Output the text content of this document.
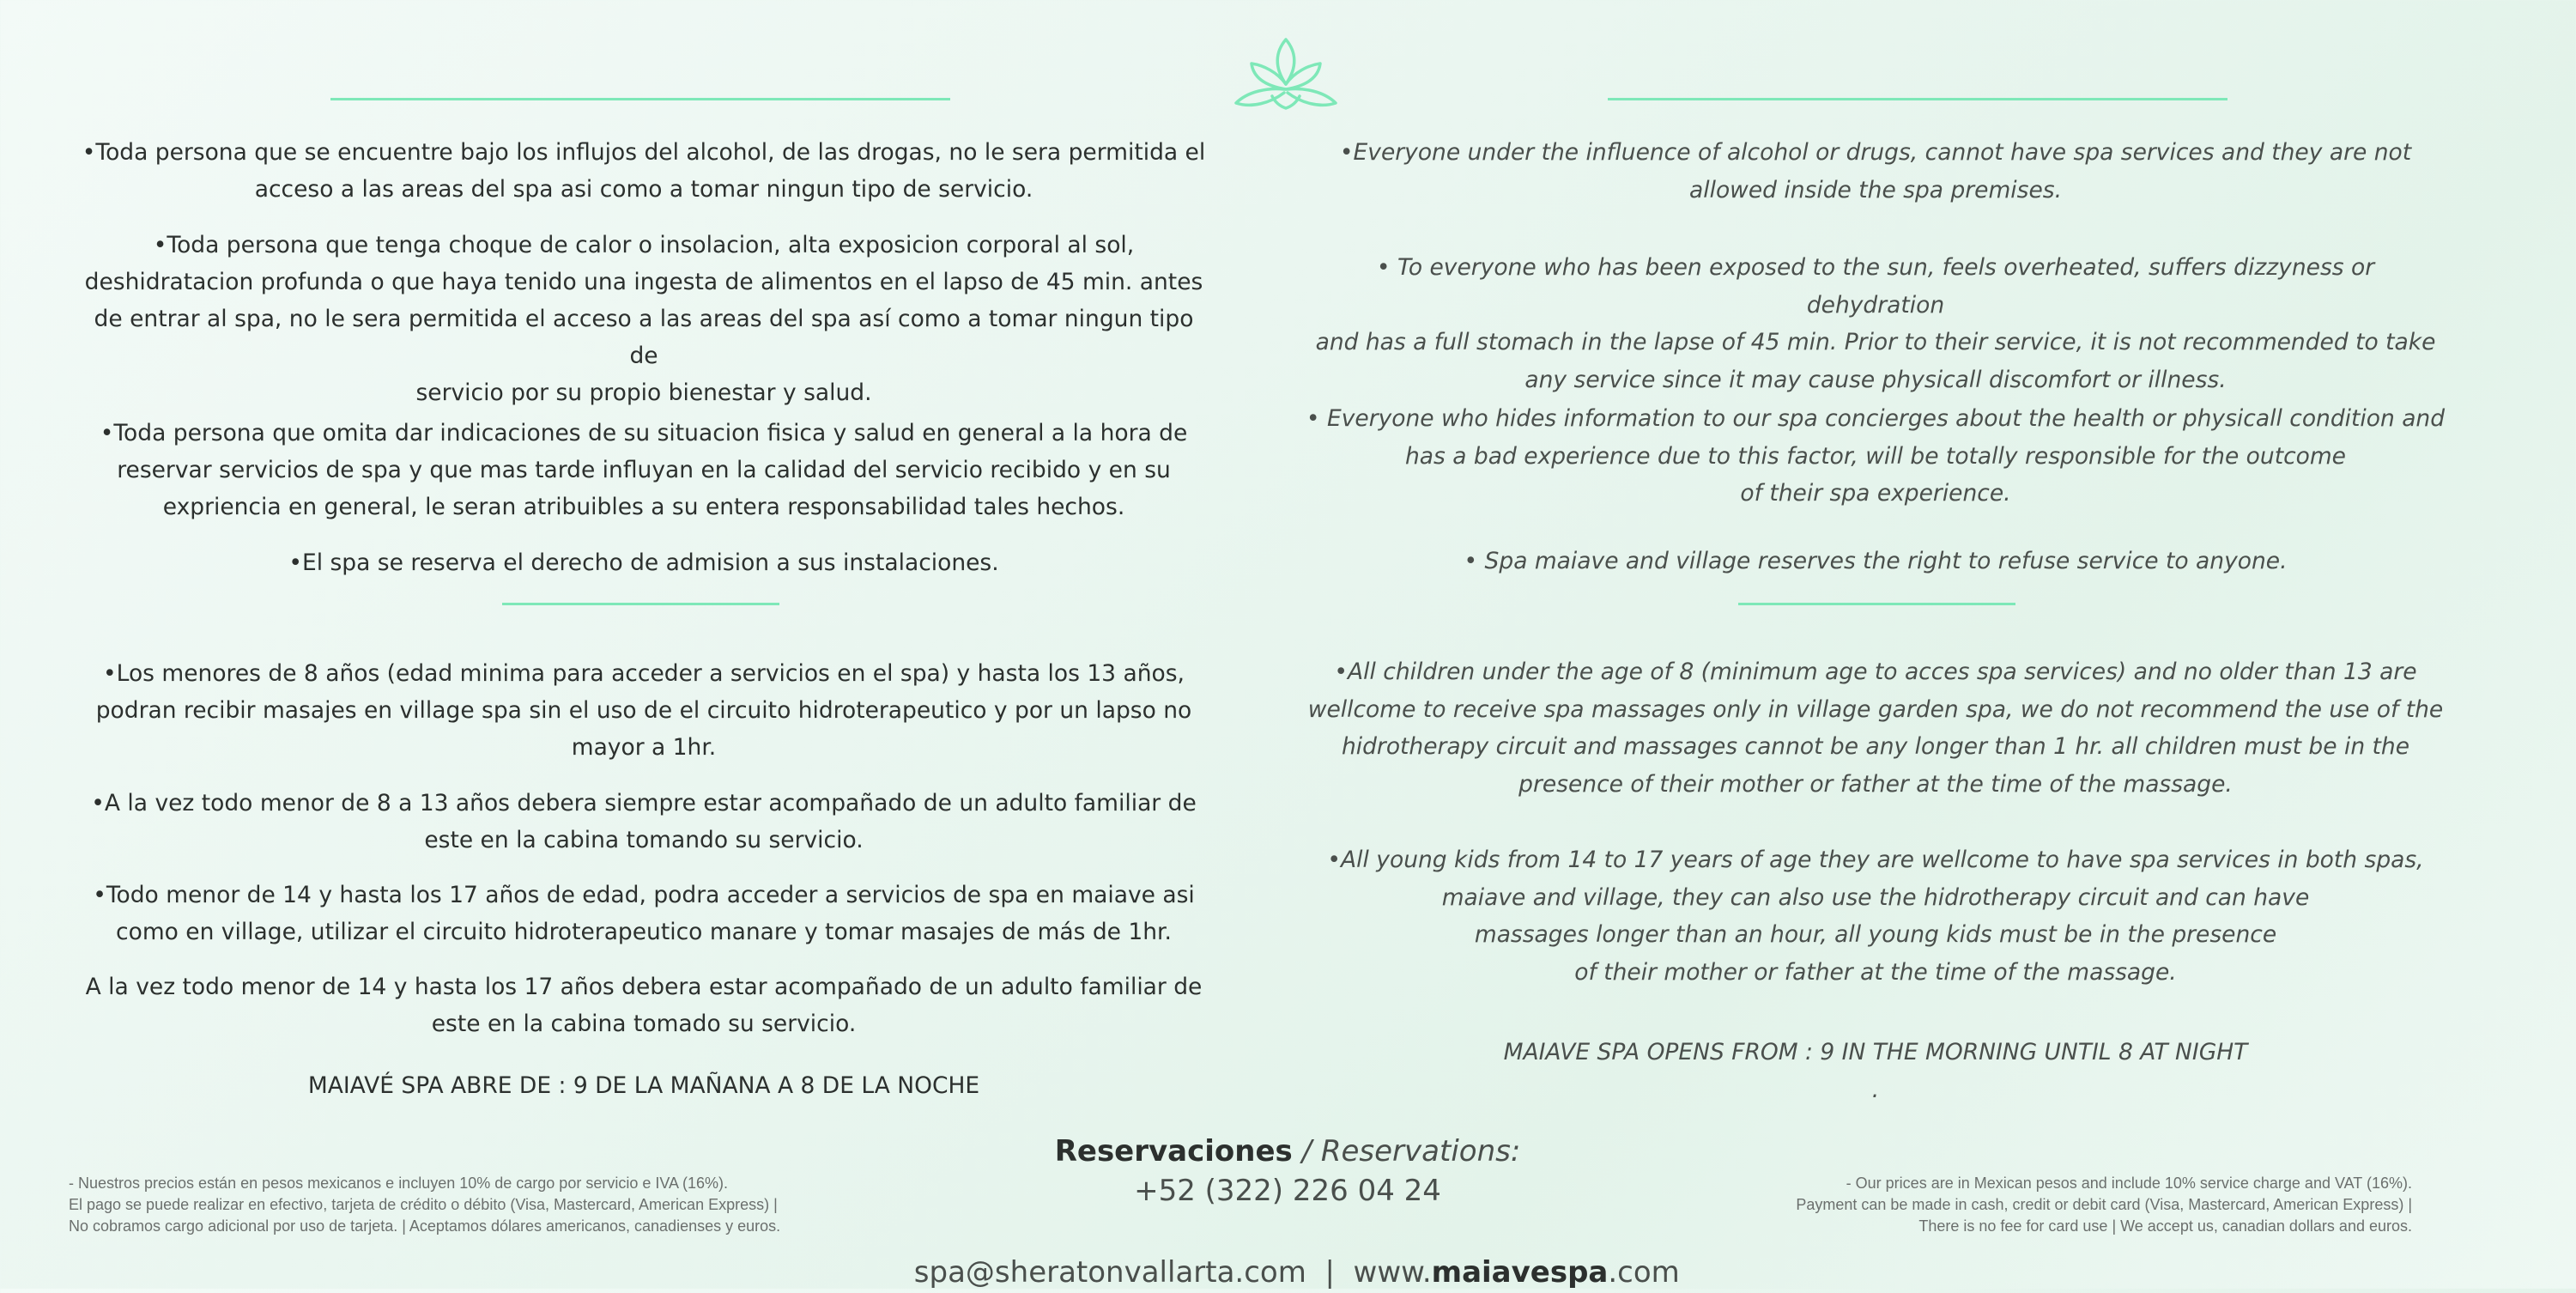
•Toda persona que se encuentre bajo los influjos del alcohol, de las drogas, no le sera permitida el
acceso a las areas del spa asi como a tomar ningun tipo de servicio.

•Toda persona que tenga choque de calor o insolacion, alta exposicion corporal al sol,
deshidratacion profunda o que haya tenido una ingesta de alimentos en el lapso de 45 min. antes
de entrar al spa, no le sera permitida el acceso a las areas del spa así como a tomar ningun tipo de
servicio por su propio bienestar y salud.

•Toda persona que omita dar indicaciones de su situacion fisica y salud en general a la hora de
reservar servicios de spa y que mas tarde influyan en la calidad del servicio recibido y en su
expriencia en general, le seran atribuibles a su entera responsabilidad tales hechos.

•El spa se reserva el derecho de admision a sus instalaciones.

•Los menores de 8 años (edad minima para acceder a servicios en el spa) y hasta los 13 años,
podran recibir masajes en village spa sin el uso de el circuito hidroterapeutico y por un lapso no
mayor a 1hr.

•A la vez todo menor de 8 a 13 años debera siempre estar acompañado de un adulto familiar de
este en la cabina tomando su servicio.

•Todo menor de 14 y hasta los 17 años de edad, podra acceder a servicios de spa en maiave asi
como en village, utilizar el circuito hidroterapeutico manare y tomar masajes de más de 1hr.

A la vez todo menor de 14 y hasta los 17 años debera estar acompañado de un adulto familiar de
este en la cabina tomado su servicio.

MAIAVÉ SPA ABRE DE : 9 DE LA MAÑANA A 8 DE LA NOCHE

•Everyone under the influence of alcohol or drugs, cannot have spa services and they are not
allowed inside the spa premises.

• To everyone who has been exposed to the sun, feels overheated, suffers dizzyness or dehydration
and has a full stomach in the lapse of 45 min. Prior to their service, it is not recommended to take
any service since it may cause physicall discomfort or illness.

• Everyone who hides information to our spa concierges about the health or physicall condition and
has a bad experience due to this factor, will be totally responsible for the outcome
of their spa experience.

• Spa maiave and village reserves the right to refuse service to anyone.

•All children under the age of 8 (minimum age to acces spa services) and no older than 13 are
wellcome to receive spa massages only in village garden spa, we do not recommend the use of the
hidrotherapy circuit and massages cannot be any longer than 1 hr. all children must be in the
presence of their mother or father at the time of the massage.

•All young kids from 14 to 17 years of age they are wellcome to have spa services in both spas,
maiave and village, they can also use the hidrotherapy circuit and can have
massages longer than an hour, all young kids must be in the presence
of their mother or father at the time of the massage.

MAIAVE SPA OPENS FROM : 9 IN THE MORNING UNTIL 8 AT NIGHT

.

Reservaciones / Reservations:
+52 (322) 226 04 24

spa@sheratonvallarta.com  |  www.maiavespa.com

- Nuestros precios están en pesos mexicanos e incluyen 10% de cargo por servicio e IVA (16%).
El pago se puede realizar en efectivo, tarjeta de crédito o débito (Visa, Mastercard, American Express) |
No cobramos cargo adicional por uso de tarjeta. | Aceptamos dólares americanos, canadienses y euros.
- Our prices are in Mexican pesos and include 10% service charge and VAT (16%).
Payment can be made in cash, credit or debit card (Visa, Mastercard, American Express) |
There is no fee for card use | We accept us, canadian dollars and euros.
